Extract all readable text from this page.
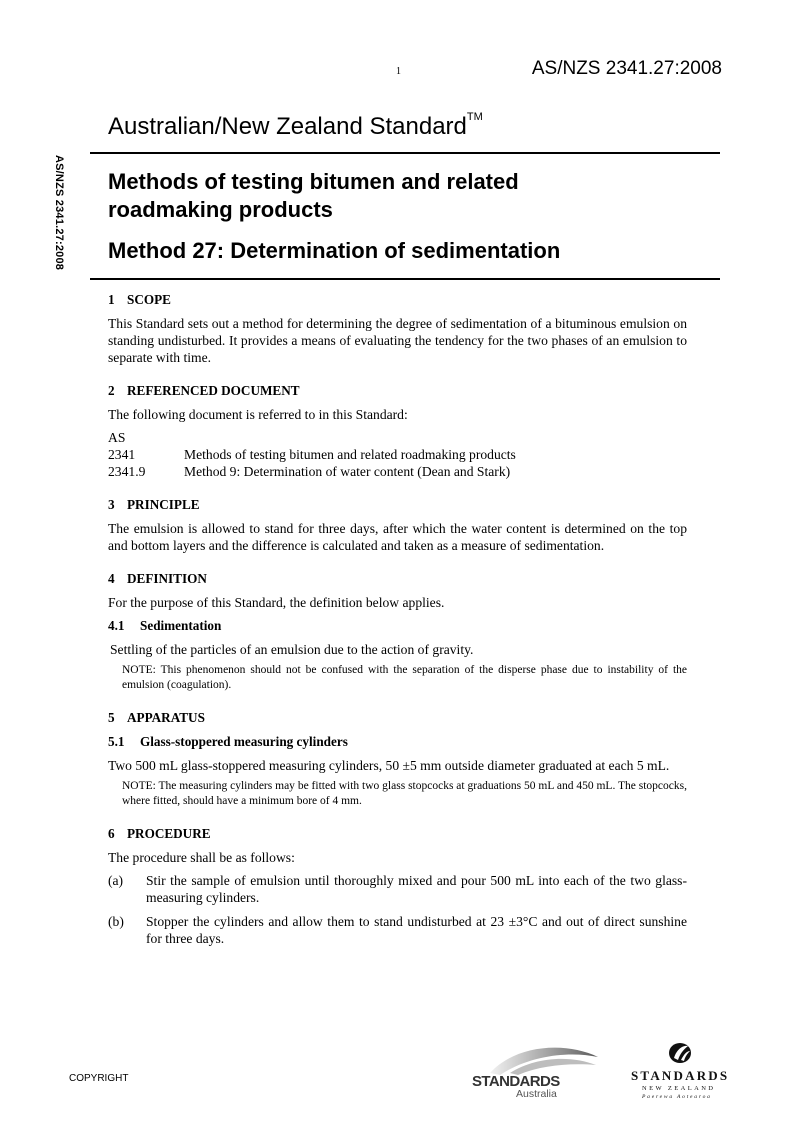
1	AS/NZS 2341.27:2008
AS/NZS 2341.27:2008
Australian/New Zealand Standard™
Methods of testing bitumen and related
roadmaking products
Method 27: Determination of sedimentation
1 SCOPE

This Standard sets out a method for determining the degree of sedimentation of a bituminous emulsion on standing undisturbed. It provides a means of evaluating the tendency for the two phases of an emulsion to separate with time.

2 REFERENCED DOCUMENT

The following document is referred to in this Standard:

AS
2341	Methods of testing bitumen and related roadmaking products
2341.9	Method 9: Determination of water content (Dean and Stark)
3 PRINCIPLE

The emulsion is allowed to stand for three days, after which the water content is determined on the top and bottom layers and the difference is calculated and taken as a measure of sedimentation.

4 DEFINITION

For the purpose of this Standard, the definition below applies.

4.1 Sedimentation

Settling of the particles of an emulsion due to the action of gravity.

NOTE: This phenomenon should not be confused with the separation of the disperse phase due to instability of the emulsion (coagulation).
5 APPARATUS
5.1 Glass-stoppered measuring cylinders

Two 500 mL glass-stoppered measuring cylinders, 50 ±5 mm outside diameter graduated at each 5 mL.

NOTE: The measuring cylinders may be fitted with two glass stopcocks at graduations 50 mL and 450 mL. The stopcocks, where fitted, should have a minimum bore of 4 mm.
6 PROCEDURE

The procedure shall be as follows:

(a)	Stir the sample of emulsion until thoroughly mixed and pour 500 mL into each of the two glass-measuring cylinders.
(b)	Stopper the cylinders and allow them to stand undisturbed at 23 ±3°C and out of direct sunshine for three days.
COPYRIGHT	STANDARDS
Australia
STANDARDS
NEW ZEALAND
Paerewa Aotearoa
